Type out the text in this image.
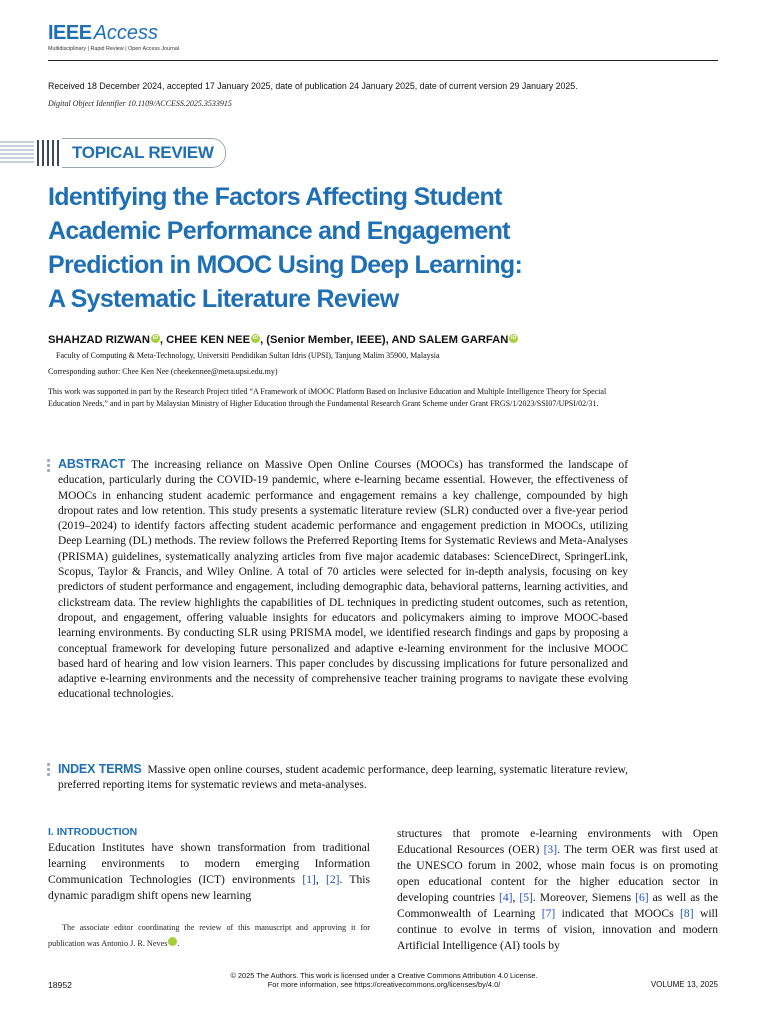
IEEE Access
Multidisciplinary | Rapid Review | Open Access Journal
Received 18 December 2024, accepted 17 January 2025, date of publication 24 January 2025, date of current version 29 January 2025.
Digital Object Identifier 10.1109/ACCESS.2025.3533915
TOPICAL REVIEW
Identifying the Factors Affecting Student
Academic Performance and Engagement
Prediction in MOOC Using Deep Learning:
A Systematic Literature Review
SHAHZAD RIZWAN iD , CHEE KEN NEE iD , (Senior Member, IEEE), AND SALEM GARFAN iD
Faculty of Computing & Meta-Technology, Universiti Pendidikan Sultan Idris (UPSI), Tanjung Malim 35900, Malaysia
Corresponding author: Chee Ken Nee (cheekennee@meta.upsi.edu.my)
This work was supported in part by the Research Project titled “A Framework of iMOOC Platform Based on Inclusive Education and Multiple Intelligence Theory for Special Education Needs,” and in part by Malaysian Ministry of Higher Education through the Fundamental Research Grant Scheme under Grant FRGS/1/2023/SSI07/UPSI/02/31.
ABSTRACT The increasing reliance on Massive Open Online Courses (MOOCs) has transformed the landscape of education, particularly during the COVID-19 pandemic, where e-learning became essential. However, the effectiveness of MOOCs in enhancing student academic performance and engagement remains a key challenge, compounded by high dropout rates and low retention. This study presents a systematic literature review (SLR) conducted over a five-year period (2019–2024) to identify factors affecting student academic performance and engagement prediction in MOOCs, utilizing Deep Learning (DL) methods. The review follows the Preferred Reporting Items for Systematic Reviews and Meta-Analyses (PRISMA) guidelines, systematically analyzing articles from five major academic databases: ScienceDirect, SpringerLink, Scopus, Taylor & Francis, and Wiley Online. A total of 70 articles were selected for in-depth analysis, focusing on key predictors of student performance and engagement, including demographic data, behavioral patterns, learning activities, and clickstream data. The review highlights the capabilities of DL techniques in predicting student outcomes, such as retention, dropout, and engagement, offering valuable insights for educators and policymakers aiming to improve MOOC-based learning environments. By conducting SLR using PRISMA model, we identified research findings and gaps by proposing a conceptual framework for developing future personalized and adaptive e-learning environment for the inclusive MOOC based hard of hearing and low vision learners. This paper concludes by discussing implications for future personalized and adaptive e-learning environments and the necessity of comprehensive teacher training programs to navigate these evolving educational technologies.
INDEX TERMS Massive open online courses, student academic performance, deep learning, systematic literature review, preferred reporting items for systematic reviews and meta-analyses.
I. INTRODUCTION
Education Institutes have shown transformation from traditional learning environments to modern emerging Information Communication Technologies (ICT) environments [1], [2]. This dynamic paradigm shift opens new learning
The associate editor coordinating the review of this manuscript and approving it for publication was Antonio J. R. Neves	iD.
structures that promote e-learning environments with Open Educational Resources (OER) [3]. The term OER was first used at the UNESCO forum in 2002, whose main focus is on promoting open educational content for the higher education sector in developing countries [4], [5]. Moreover, Siemens [6] as well as the Commonwealth of Learning [7] indicated that MOOCs [8] will continue to evolve in terms of vision, innovation and modern Artificial Intelligence (AI) tools by
© 2025 The Authors. This work is licensed under a Creative Commons Attribution 4.0 License.
For more information, see https://creativecommons.org/licenses/by/4.0/
18952	VOLUME 13, 2025
